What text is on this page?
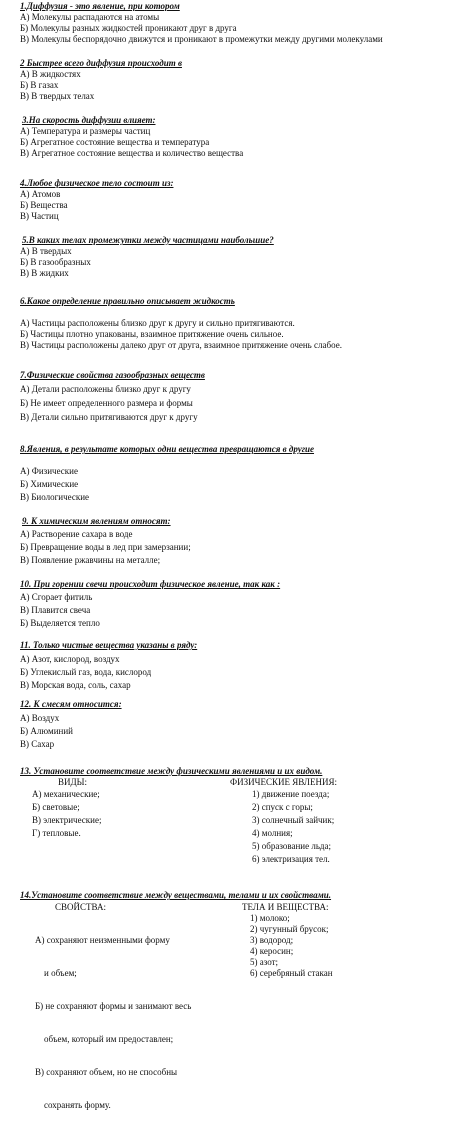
1.Диффузия - это явление, при котором
А) Молекулы распадаются на атомы
Б) Молекулы разных жидкостей проникают друг в друга
В) Молекулы беспорядочно движутся и проникают в промежутки между другими молекулами
2 Быстрее всего диффузия происходит в
А) В жидкостях
Б) В газах
В) В твердых телах
3.На скорость диффузии влияет:
А) Температура и размеры частиц
Б) Агрегатное состояние вещества и температура
В) Агрегатное состояние вещества и количество вещества
4.Любое физическое тело состоит из:
А) Атомов
Б) Вещества
В) Частиц
5.В каких телах промежутки между частицами наибольшие?
А) В твердых
Б) В газообразных
В) В жидких
6.Какое определение правильно описывает жидкость
А) Частицы расположены близко друг к другу и сильно притягиваются.
Б) Частицы плотно упакованы, взаимное притяжение очень сильное.
В) Частицы расположены далеко друг от друга, взаимное притяжение очень слабое.
7.Физические свойства газообразных веществ
А) Детали расположены близко друг к другу
Б) Не имеет определенного размера и формы
В) Детали сильно притягиваются друг к другу
8.Явления, в результате которых одни вещества превращаются в другие
А) Физические
Б) Химические
В) Биологические
9. К химическим явлениям относят:
А) Растворение сахара в воде
Б) Превращение воды в лед при замерзании;
В) Появление ржавчины на металле;
10. При горении свечи происходит физическое явление, так как :
А) Сгорает фитиль
В) Плавится свеча
Б) Выделяется тепло
11. Только чистые вещества указаны в ряду:
А) Азот, кислород, воздух
Б) Углекислый газ, вода, кислород
В) Морская вода, соль, сахар
12. К смесям относится:
А) Воздух
Б) Алюминий
В) Сахар
13. Установите соответствие между физическими явлениями и их видом.
ВИДЫ:	ФИЗИЧЕСКИЕ ЯВЛЕНИЯ:
А) механические;
Б) световые;
В) электрические;
Г) тепловые.
1) движение поезда;
2) спуск с горы;
3) солнечный зайчик;
4) молния;
5) образование льда;
6) электризация тел.
14.Установите соответствие между веществами, телами и их свойствами.
СВОЙСТВА:	ТЕЛА И ВЕЩЕСТВА:

А) сохраняют неизменными форму

и объем;

Б) не сохраняют формы и занимают весь

объем, который им предоставлен;

В) сохраняют объем, но не способны

сохранять форму.

1) молоко;
2) чугунный брусок;
3) водород;
4) керосин;
5) азот;
6) серебряный стакан
